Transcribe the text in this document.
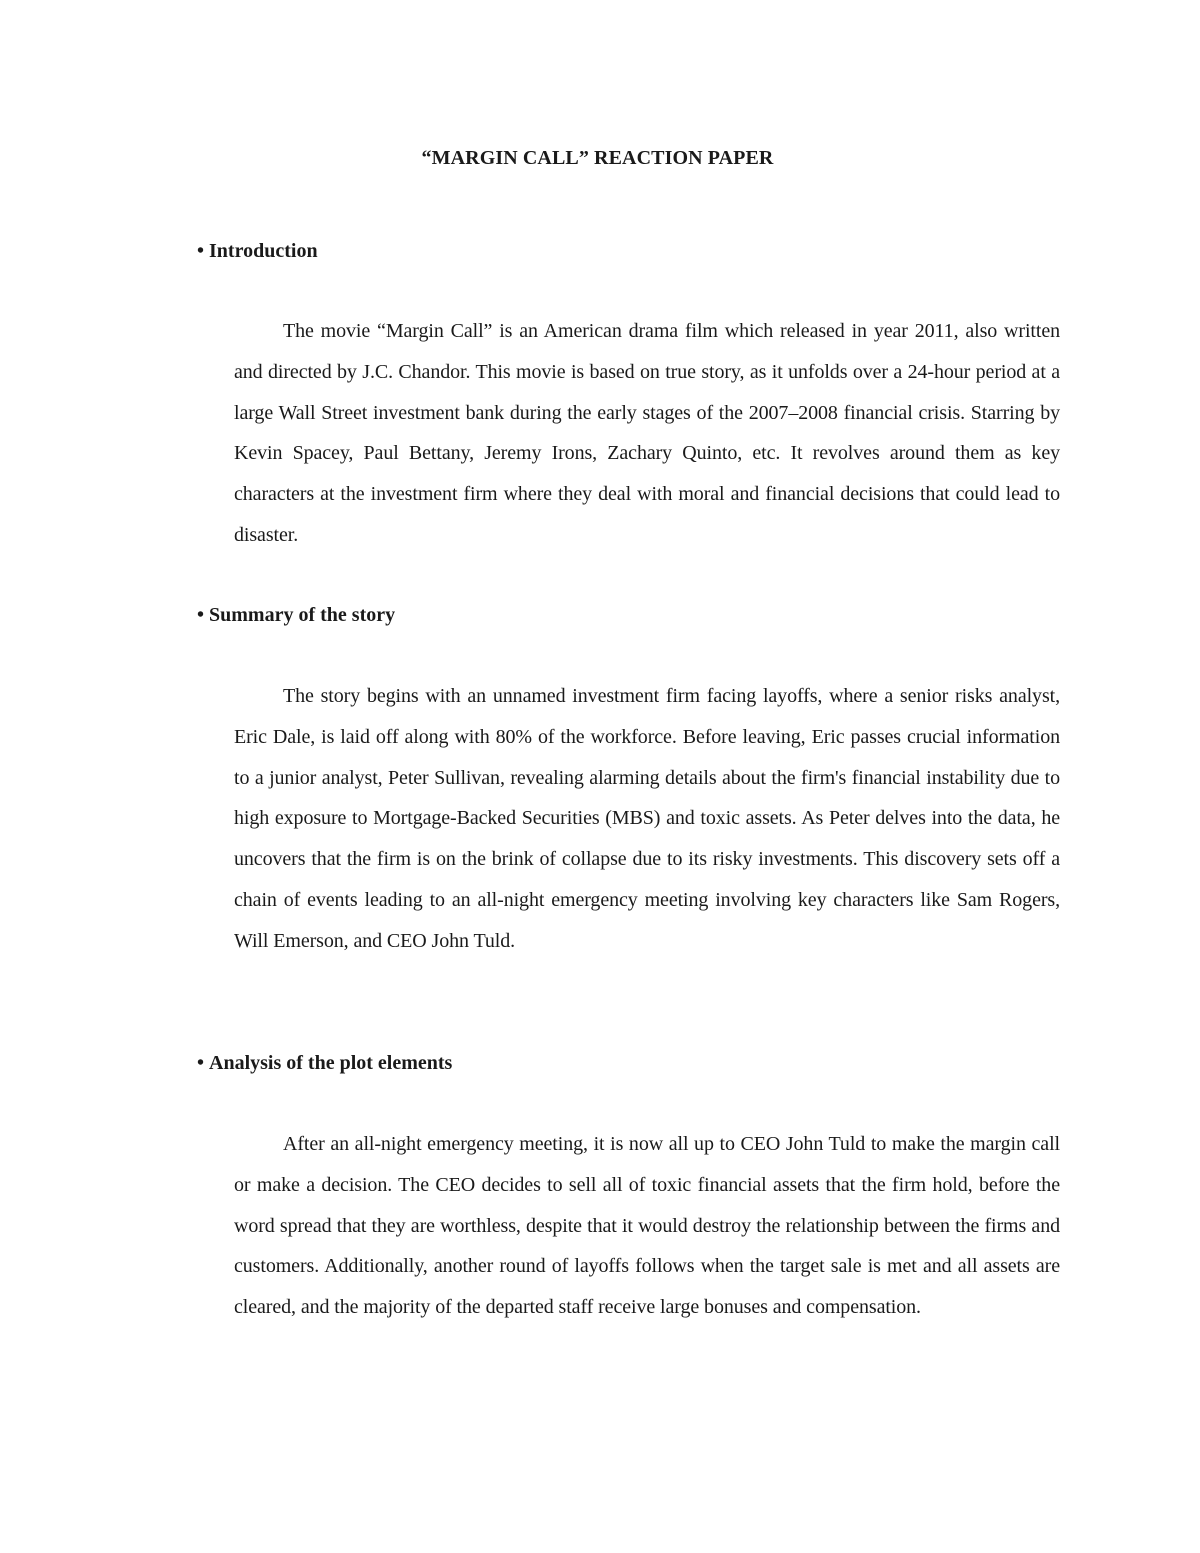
“MARGIN CALL” REACTION PAPER
• Introduction

The movie “Margin Call” is an American drama film which released in year 2011, also written and directed by J.C. Chandor. This movie is based on true story, as it unfolds over a 24-hour period at a large Wall Street investment bank during the early stages of the 2007–2008 financial crisis. Starring by Kevin Spacey, Paul Bettany, Jeremy Irons, Zachary Quinto, etc. It revolves around them as key characters at the investment firm where they deal with moral and financial decisions that could lead to disaster.

• Summary of the story

The story begins with an unnamed investment firm facing layoffs, where a senior risks analyst, Eric Dale, is laid off along with 80% of the workforce. Before leaving, Eric passes crucial information to a junior analyst, Peter Sullivan, revealing alarming details about the firm's financial instability due to high exposure to Mortgage-Backed Securities (MBS) and toxic assets. As Peter delves into the data, he uncovers that the firm is on the brink of collapse due to its risky investments. This discovery sets off a chain of events leading to an all-night emergency meeting involving key characters like Sam Rogers, Will Emerson, and CEO John Tuld.

• Analysis of the plot elements

After an all-night emergency meeting, it is now all up to CEO John Tuld to make the margin call or make a decision. The CEO decides to sell all of toxic financial assets that the firm hold, before the word spread that they are worthless, despite that it would destroy the relationship between the firms and customers. Additionally, another round of layoffs follows when the target sale is met and all assets are cleared, and the majority of the departed staff receive large bonuses and compensation.
